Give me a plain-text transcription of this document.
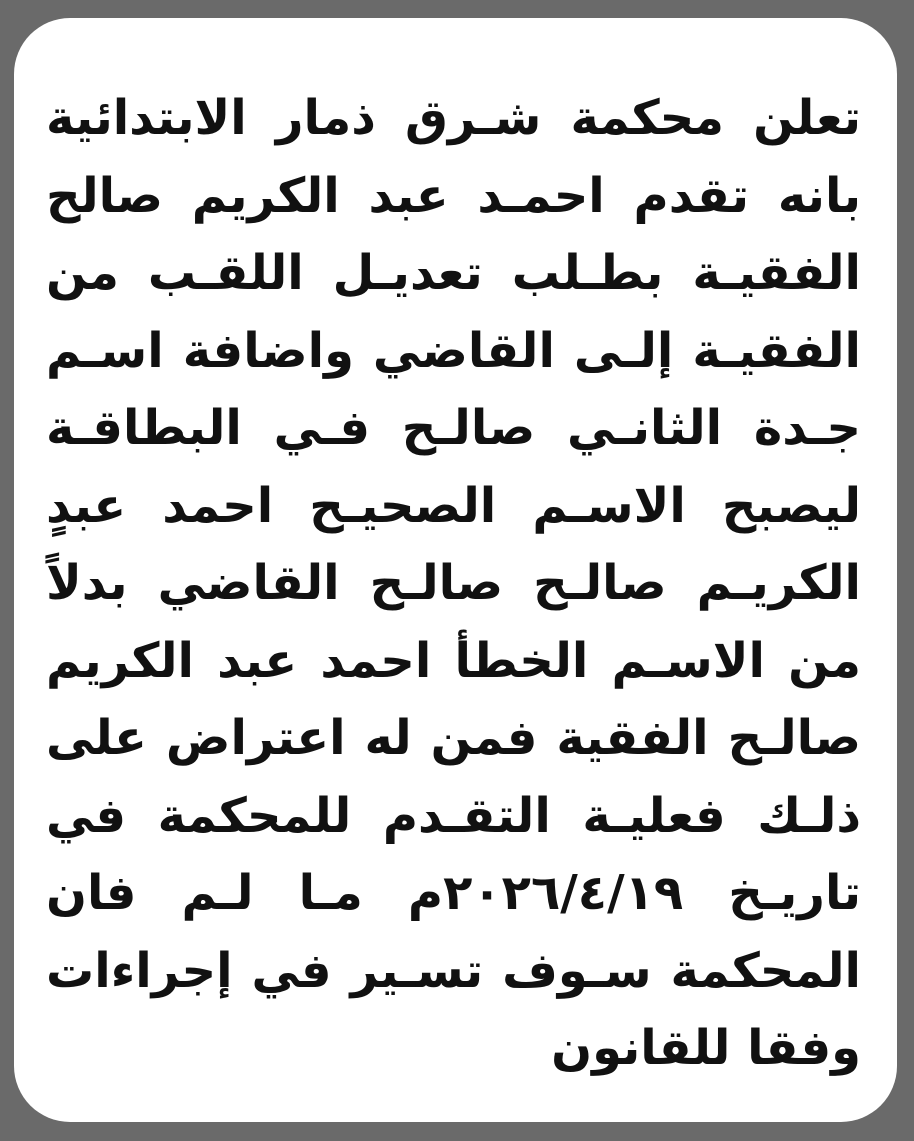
تعلن محكمة شـرق ذمار الابتدائية
بانه تقدم احمـد عبد الكريم صالح
الفقيـة بطـلب تعديـل اللقـب من
الفقيـة إلـى القاضي واضافة اسـم
جـدة الثانـي صالـح فـي البطاقـة
ليصبح الاسـم الصحيـح احمد عبدٍ
الكريـم صالـح صالـح القاضي بدلاً
من الاسـم الخطأ احمد عبد الكريم
صالـح الفقية فمن له اعتراض على
ذلـك فعليـة التقـدم للمحكمة في
تاريـخ ٢٠٢٦/٤/١٩م مـا لـم فان
المحكمة سـوف تسـير في إجراءات
وفقا للقانون
